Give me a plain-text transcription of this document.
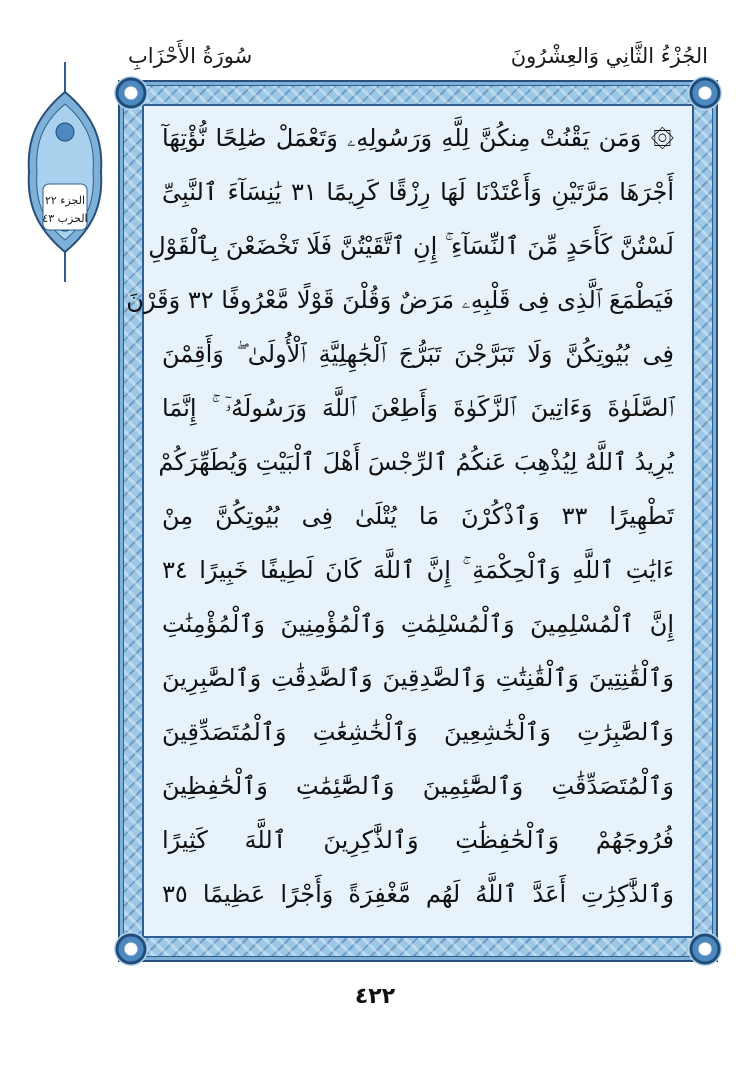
الجُزْءُ الثَّانِي وَالعِشْرُونَ
سُورَةُ الأَحْزَابِ
الجزء ٢٢
الحزب ٤٣
۞ وَمَن يَقْنُتْ مِنكُنَّ لِلَّهِ وَرَسُولِهِۦ وَتَعْمَلْ صَٰلِحًا نُّؤْتِهَآ
أَجْرَهَا مَرَّتَيْنِ وَأَعْتَدْنَا لَهَا رِزْقًا كَرِيمًا ٣١ يَٰنِسَآءَ ٱلنَّبِىِّ
لَسْتُنَّ كَأَحَدٍ مِّنَ ٱلنِّسَآءِ ۚ إِنِ ٱتَّقَيْتُنَّ فَلَا تَخْضَعْنَ بِٱلْقَوْلِ
فَيَطْمَعَ ٱلَّذِى فِى قَلْبِهِۦ مَرَضٌ وَقُلْنَ قَوْلًا مَّعْرُوفًا ٣٢ وَقَرْنَ
فِى بُيُوتِكُنَّ وَلَا تَبَرَّجْنَ تَبَرُّجَ ٱلْجَٰهِلِيَّةِ ٱلْأُولَىٰ ۖ وَأَقِمْنَ
ٱلصَّلَوٰةَ وَءَاتِينَ ٱلزَّكَوٰةَ وَأَطِعْنَ ٱللَّهَ وَرَسُولَهُۥٓ ۚ إِنَّمَا
يُرِيدُ ٱللَّهُ لِيُذْهِبَ عَنكُمُ ٱلرِّجْسَ أَهْلَ ٱلْبَيْتِ وَيُطَهِّرَكُمْ
تَطْهِيرًا ٣٣ وَٱذْكُرْنَ مَا يُتْلَىٰ فِى بُيُوتِكُنَّ مِنْ
ءَايَٰتِ ٱللَّهِ وَٱلْحِكْمَةِ ۚ إِنَّ ٱللَّهَ كَانَ لَطِيفًا خَبِيرًا ٣٤
إِنَّ ٱلْمُسْلِمِينَ وَٱلْمُسْلِمَٰتِ وَٱلْمُؤْمِنِينَ وَٱلْمُؤْمِنَٰتِ
وَٱلْقَٰنِتِينَ وَٱلْقَٰنِتَٰتِ وَٱلصَّٰدِقِينَ وَٱلصَّٰدِقَٰتِ وَٱلصَّٰبِرِينَ
وَٱلصَّٰبِرَٰتِ وَٱلْخَٰشِعِينَ وَٱلْخَٰشِعَٰتِ وَٱلْمُتَصَدِّقِينَ
وَٱلْمُتَصَدِّقَٰتِ وَٱلصَّٰٓئِمِينَ وَٱلصَّٰٓئِمَٰتِ وَٱلْحَٰفِظِينَ
فُرُوجَهُمْ وَٱلْحَٰفِظَٰتِ وَٱلذَّٰكِرِينَ ٱللَّهَ كَثِيرًا
وَٱلذَّٰكِرَٰتِ أَعَدَّ ٱللَّهُ لَهُم مَّغْفِرَةً وَأَجْرًا عَظِيمًا ٣٥
٤٢٢
